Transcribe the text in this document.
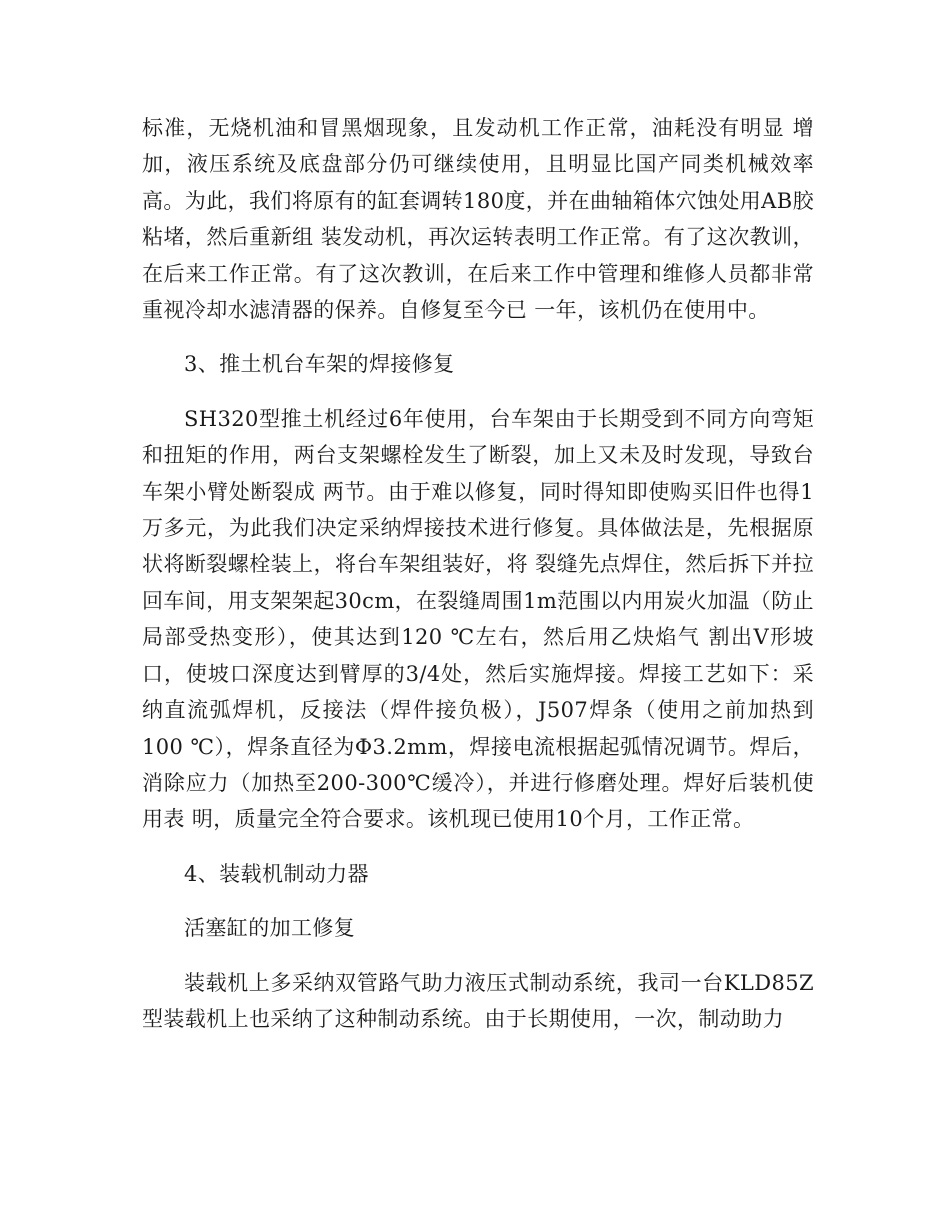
标准，无烧机油和冒黑烟现象，且发动机工作正常，油耗没有明显 增加，液压系统及底盘部分仍可继续使用，且明显比国产同类机械效率高。为此，我们将原有的缸套调转180度，并在曲轴箱体穴蚀处用AB胶粘堵，然后重新组 装发动机，再次运转表明工作正常。有了这次教训，在后来工作正常。有了这次教训，在后来工作中管理和维修人员都非常重视冷却水滤清器的保养。自修复至今已 一年，该机仍在使用中。

3、推土机台车架的焊接修复

SH320型推土机经过6年使用，台车架由于长期受到不同方向弯矩和扭矩的作用，两台支架螺栓发生了断裂，加上又未及时发现，导致台车架小臂处断裂成 两节。由于难以修复，同时得知即使购买旧件也得1万多元，为此我们决定采纳焊接技术进行修复。具体做法是，先根据原状将断裂螺栓装上，将台车架组装好，将 裂缝先点焊住，然后拆下并拉回车间，用支架架起30cm，在裂缝周围1m范围以内用炭火加温（防止局部受热变形），使其达到120 ℃左右，然后用乙炔焰气 割出V形坡口，使坡口深度达到臂厚的3/4处，然后实施焊接。焊接工艺如下：采纳直流弧焊机，反接法（焊件接负极），J507焊条（使用之前加热到100 ℃），焊条直径为Φ3.2mm，焊接电流根据起弧情况调节。焊后，消除应力（加热至200-300℃缓冷），并进行修磨处理。焊好后装机使用表 明，质量完全符合要求。该机现已使用10个月，工作正常。

4、装载机制动力器

活塞缸的加工修复

装载机上多采纳双管路气助力液压式制动系统，我司一台KLD85Z型装载机上也采纳了这种制动系统。由于长期使用，一次，制动助力
